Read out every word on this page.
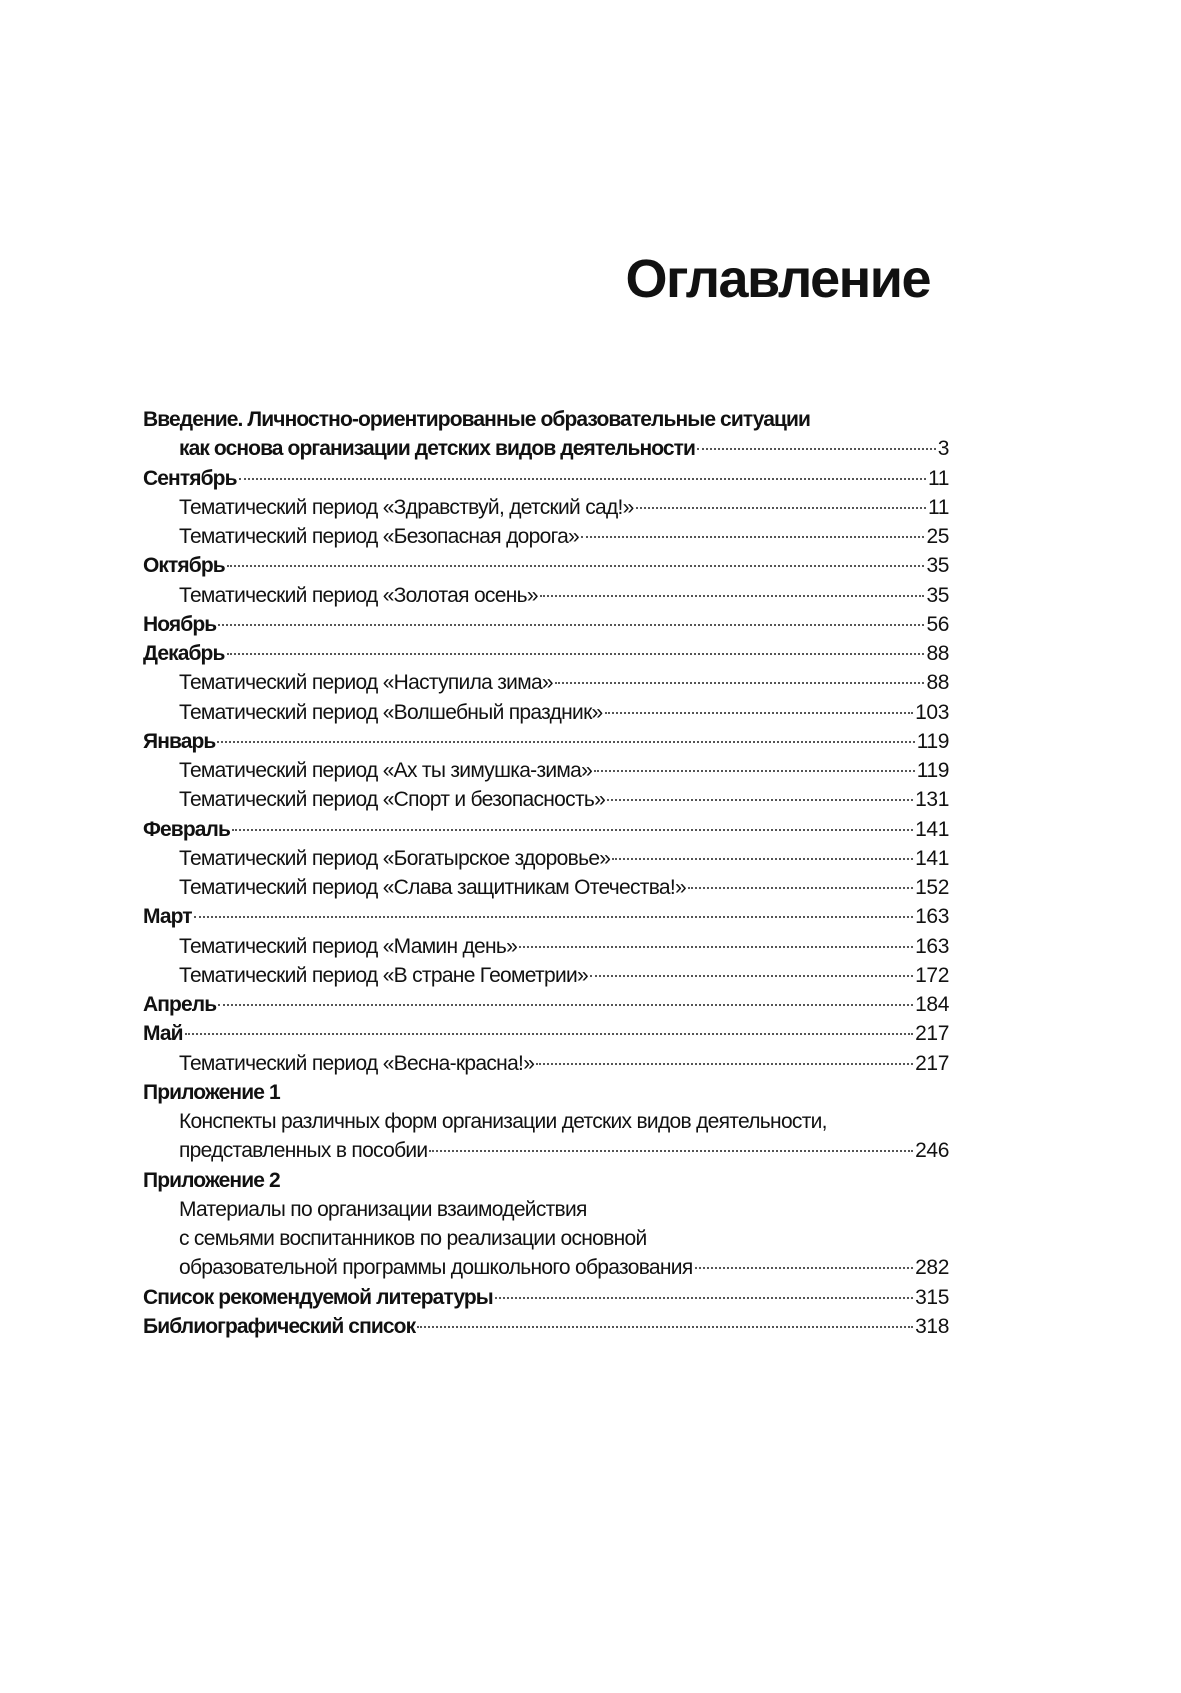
Оглавление
Введение. Личностно-ориентированные образовательные ситуации
как основа организации детских видов деятельности	3
Сентябрь	11
Тематический период «Здравствуй, детский сад!»	11
Тематический период «Безопасная дорога»	25
Октябрь	35
Тематический период «Золотая осень»	35
Ноябрь	56
Декабрь	88
Тематический период «Наступила зима»	88
Тематический период «Волшебный праздник»	103
Январь	119
Тематический период «Ах ты зимушка-зима»	119
Тематический период «Спорт и безопасность»	131
Февраль	141
Тематический период «Богатырское здоровье»	141
Тематический период «Слава защитникам Отечества!»	152
Март	163
Тематический период «Мамин день»	163
Тематический период «В стране Геометрии»	172
Апрель	184
Май	217
Тематический период «Весна-красна!»	217
Приложение 1
Конспекты различных форм организации детских видов деятельности,
представленных в пособии	246
Приложение 2
Материалы по организации взаимодействия
с семьями воспитанников по реализации основной
образовательной программы дошкольного образования	282
Список рекомендуемой литературы	315
Библиографический список	318
